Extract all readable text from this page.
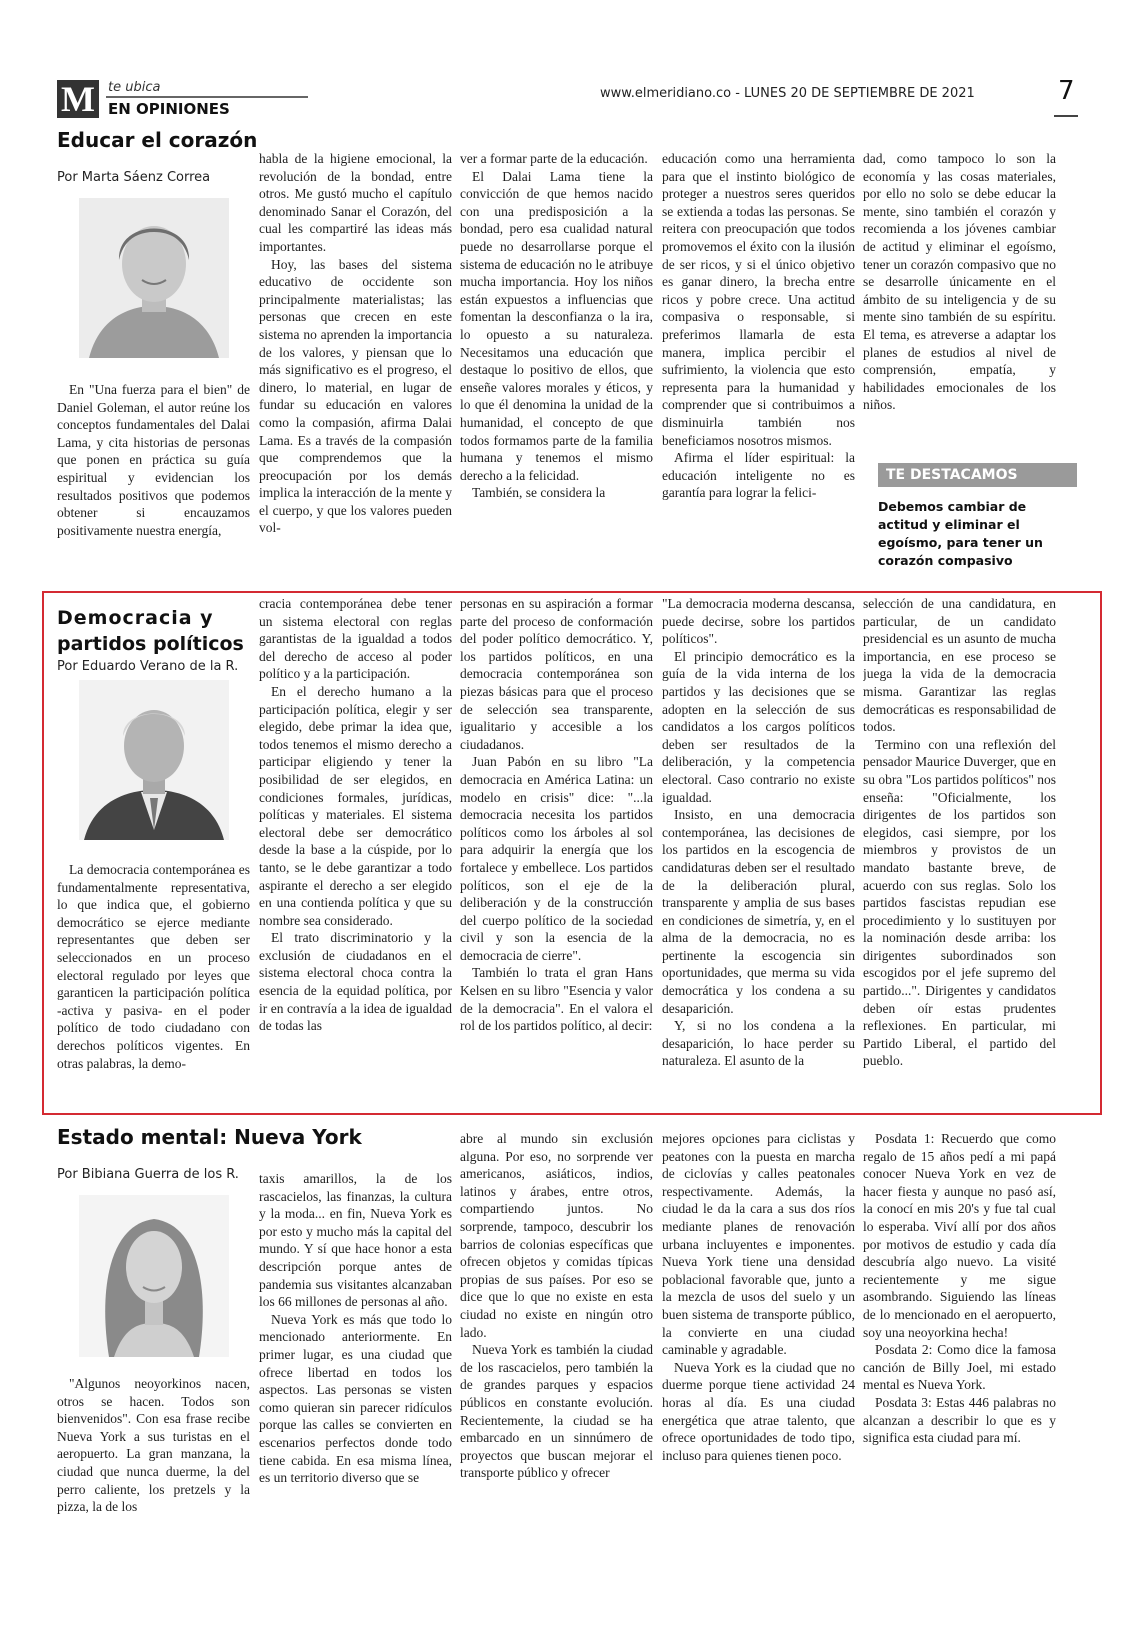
M	te ubica
EN OPINIONES
www.elmeridiano.co - LUNES 20 DE SEPTIEMBRE DE 2021	7
Educar el corazón
Por Marta Sáenz Correa

En "Una fuerza para el bien" de Daniel Goleman, el autor reúne los conceptos fundamentales del Dalai Lama, y cita historias de personas que ponen en práctica su guía espiritual y evidencian los resultados positivos que podemos obtener si encauzamos positivamente nuestra energía,

habla de la higiene emocional, la revolución de la bondad, entre otros. Me gustó mucho el capítulo denominado Sanar el Corazón, del cual les compartiré las ideas más importantes.

Hoy, las bases del sistema educativo de occidente son principalmente materialistas; las personas que crecen en este sistema no aprenden la importancia de los valores, y piensan que lo más significativo es el progreso, el dinero, lo material, en lugar de fundar su educación en valores como la compasión, afirma Dalai Lama. Es a través de la compasión que comprendemos que la preocupación por los demás implica la interacción de la mente y el cuerpo, y que los valores pueden vol-

ver a formar parte de la educación.

El Dalai Lama tiene la convicción de que hemos nacido con una predisposición a la bondad, pero esa cualidad natural puede no desarrollarse porque el sistema de educación no le atribuye mucha importancia. Hoy los niños están expuestos a influencias que fomentan la desconfianza o la ira, lo opuesto a su naturaleza. Necesitamos una educación que destaque lo positivo de ellos, que enseñe valores morales y éticos, y lo que él denomina la unidad de la humanidad, el concepto de que todos formamos parte de la familia humana y tenemos el mismo derecho a la felicidad.

También, se considera la

educación como una herramienta para que el instinto biológico de proteger a nuestros seres queridos se extienda a todas las personas. Se reitera con preocupación que todos promovemos el éxito con la ilusión de ser ricos, y si el único objetivo es ganar dinero, la brecha entre ricos y pobre crece. Una actitud compasiva o responsable, si preferimos llamarla de esta manera, implica percibir el sufrimiento, la violencia que esto representa para la humanidad y comprender que si contribuimos a disminuirla también nos beneficiamos nosotros mismos.

Afirma el líder espiritual: la educación inteligente no es garantía para lograr la felici-

dad, como tampoco lo son la economía y las cosas materiales, por ello no solo se debe educar la mente, sino también el corazón y recomienda a los jóvenes cambiar de actitud y eliminar el egoísmo, tener un corazón compasivo que no se desarrolle únicamente en el ámbito de su inteligencia y de su mente sino también de su espíritu. El tema, es atreverse a adaptar los planes de estudios al nivel de comprensión, empatía, y habilidades emocionales de los niños.

TE DESTACAMOS
Debemos cambiar de actitud y eliminar el egoísmo, para tener un corazón compasivo
Democracia y
partidos políticos
Por Eduardo Verano de la R.

La democracia contemporánea es fundamentalmente representativa, lo que indica que, el gobierno democrático se ejerce mediante representantes que deben ser seleccionados en un proceso electoral regulado por leyes que garanticen la participación política -activa y pasiva- en el poder político de todo ciudadano con derechos políticos vigentes. En otras palabras, la demo-

cracia contemporánea debe tener un sistema electoral con reglas garantistas de la igualdad a todos del derecho de acceso al poder político y a la participación.

En el derecho humano a la participación política, elegir y ser elegido, debe primar la idea que, todos tenemos el mismo derecho a participar eligiendo y tener la posibilidad de ser elegidos, en condiciones formales, jurídicas, políticas y materiales. El sistema electoral debe ser democrático desde la base a la cúspide, por lo tanto, se le debe garantizar a todo aspirante el derecho a ser elegido en una contienda política y que su nombre sea considerado.

El trato discriminatorio y la exclusión de ciudadanos en el sistema electoral choca contra la esencia de la equidad política, por ir en contravía a la idea de igualdad de todas las

personas en su aspiración a formar parte del proceso de conformación del poder político democrático. Y, los partidos políticos, en una democracia contemporánea son piezas básicas para que el proceso de selección sea transparente, igualitario y accesible a los ciudadanos.

Juan Pabón en su libro "La democracia en América Latina: un modelo en crisis" dice: "...la democracia necesita los partidos políticos como los árboles al sol para adquirir la energía que los fortalece y embellece. Los partidos políticos, son el eje de la deliberación y de la construcción del cuerpo político de la sociedad civil y son la esencia de la democracia de cierre".

También lo trata el gran Hans Kelsen en su libro "Esencia y valor de la democracia". En el valora el rol de los partidos político, al decir:

"La democracia moderna descansa, puede decirse, sobre los partidos políticos".

El principio democrático es la guía de la vida interna de los partidos y las decisiones que se adopten en la selección de sus candidatos a los cargos políticos deben ser resultados de la deliberación, y la competencia electoral. Caso contrario no existe igualdad.

Insisto, en una democracia contemporánea, las decisiones de los partidos en la escogencia de candidaturas deben ser el resultado de la deliberación plural, transparente y amplia de sus bases en condiciones de simetría, y, en el alma de la democracia, no es pertinente la escogencia sin oportunidades, que merma su vida democrática y los condena a su desaparición.

Y, si no los condena a la desaparición, lo hace perder su naturaleza. El asunto de la

selección de una candidatura, en particular, de un candidato presidencial es un asunto de mucha importancia, en ese proceso se juega la vida de la democracia misma. Garantizar las reglas democráticas es responsabilidad de todos.

Termino con una reflexión del pensador Maurice Duverger, que en su obra "Los partidos políticos" nos enseña: "Oficialmente, los dirigentes de los partidos son elegidos, casi siempre, por los miembros y provistos de un mandato bastante breve, de acuerdo con sus reglas. Solo los partidos fascistas repudian ese procedimiento y lo sustituyen por la nominación desde arriba: los dirigentes subordinados son escogidos por el jefe supremo del partido...". Dirigentes y candidatos deben oír estas prudentes reflexiones. En particular, mi Partido Liberal, el partido del pueblo.

Estado mental: Nueva York
Por Bibiana Guerra de los R.

"Algunos neoyorkinos nacen, otros se hacen. Todos son bienvenidos". Con esa frase recibe Nueva York a sus turistas en el aeropuerto. La gran manzana, la ciudad que nunca duerme, la del perro caliente, los pretzels y la pizza, la de los

taxis amarillos, la de los rascacielos, las finanzas, la cultura y la moda... en fin, Nueva York es por esto y mucho más la capital del mundo. Y sí que hace honor a esta descripción porque antes de pandemia sus visitantes alcanzaban los 66 millones de personas al año.

Nueva York es más que todo lo mencionado anteriormente. En primer lugar, es una ciudad que ofrece libertad en todos los aspectos. Las personas se visten como quieran sin parecer ridículos porque las calles se convierten en escenarios perfectos donde todo tiene cabida. En esa misma línea, es un territorio diverso que se

abre al mundo sin exclusión alguna. Por eso, no sorprende ver americanos, asiáticos, indios, latinos y árabes, entre otros, compartiendo juntos. No sorprende, tampoco, descubrir los barrios de colonias específicas que ofrecen objetos y comidas típicas propias de sus países. Por eso se dice que lo que no existe en esta ciudad no existe en ningún otro lado.

Nueva York es también la ciudad de los rascacielos, pero también la de grandes parques y espacios públicos en constante evolución. Recientemente, la ciudad se ha embarcado en un sinnúmero de proyectos que buscan mejorar el transporte público y ofrecer

mejores opciones para ciclistas y peatones con la puesta en marcha de ciclovías y calles peatonales respectivamente. Además, la ciudad le da la cara a sus dos ríos mediante planes de renovación urbana incluyentes e imponentes. Nueva York tiene una densidad poblacional favorable que, junto a la mezcla de usos del suelo y un buen sistema de transporte público, la convierte en una ciudad caminable y agradable.

Nueva York es la ciudad que no duerme porque tiene actividad 24 horas al día. Es una ciudad energética que atrae talento, que ofrece oportunidades de todo tipo, incluso para quienes tienen poco.

Posdata 1: Recuerdo que como regalo de 15 años pedí a mi papá conocer Nueva York en vez de hacer fiesta y aunque no pasó así, la conocí en mis 20's y fue tal cual lo esperaba. Viví allí por dos años por motivos de estudio y cada día descubría algo nuevo. La visité recientemente y me sigue asombrando. Siguiendo las líneas de lo mencionado en el aeropuerto, soy una neoyorkina hecha!

Posdata 2: Como dice la famosa canción de Billy Joel, mi estado mental es Nueva York.

Posdata 3: Estas 446 palabras no alcanzan a describir lo que es y significa esta ciudad para mí.
